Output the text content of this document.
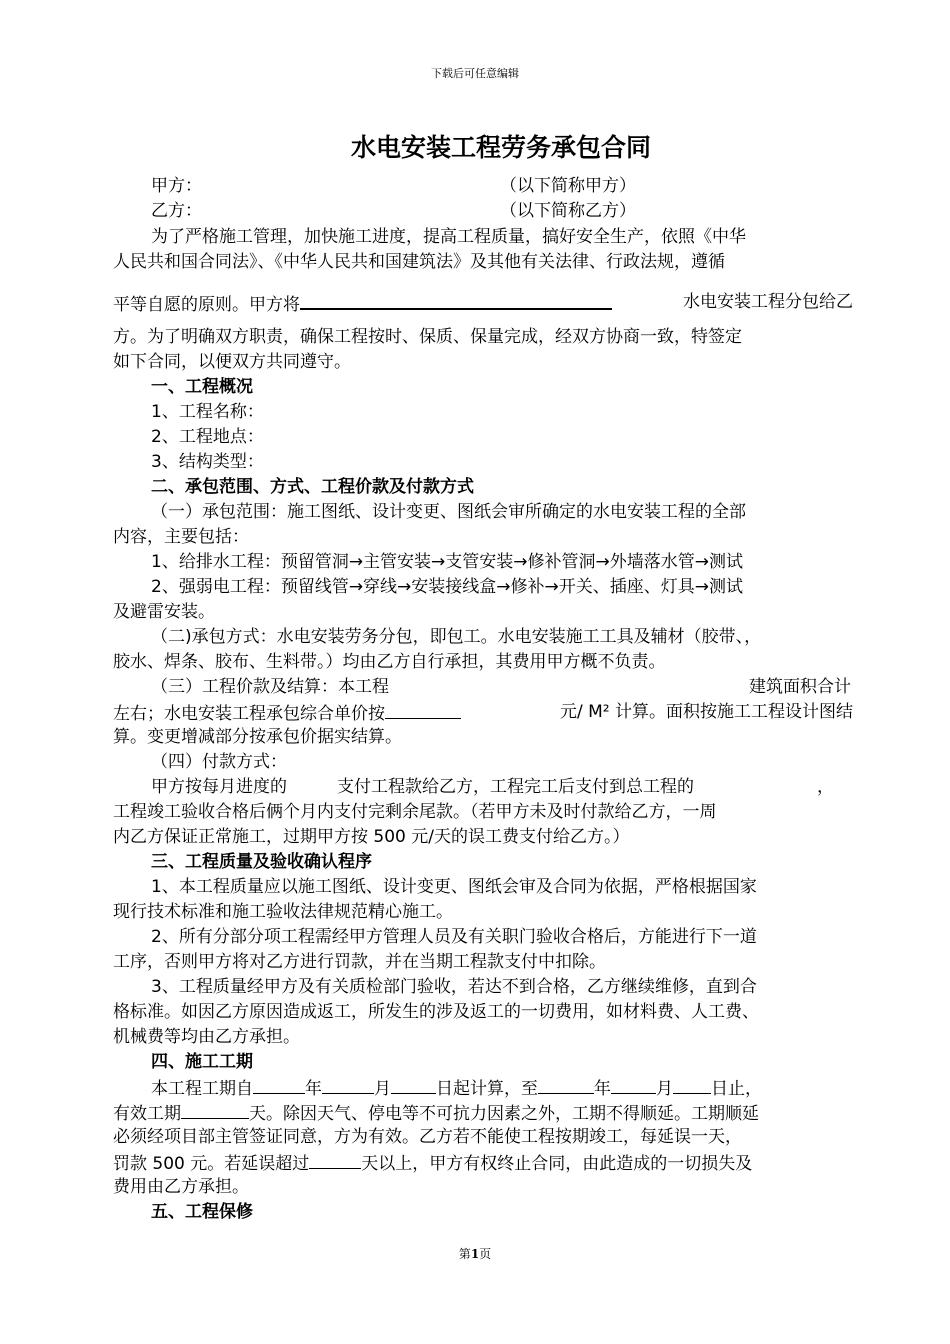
下载后可任意编辑
水电安装工程劳务承包合同
甲方：	（以下简称甲方）
乙方：	（以下简称乙方）
为了严格施工管理，加快施工进度，提高工程质量，搞好安全生产，依照《中华
人民共和国合同法》、《中华人民共和国建筑法》及其他有关法律、行政法规，遵循
平等自愿的原则。甲方将	水电安装工程分包给乙
方。为了明确双方职责，确保工程按时、保质、保量完成，经双方协商一致，特签定
如下合同，以便双方共同遵守。
一、工程概况
1、工程名称：
2、工程地点：
3、结构类型：
二、承包范围、方式、工程价款及付款方式
（一）承包范围：施工图纸、设计变更、图纸会审所确定的水电安装工程的全部
内容，主要包括：
1、给排水工程：预留管洞→主管安装→支管安装→修补管洞→外墙落水管→测试
2、强弱电工程：预留线管→穿线→安装接线盒→修补→开关、插座、灯具→测试
及避雷安装。
（二)承包方式：水电安装劳务分包，即包工。水电安装施工工具及辅材（胶带、，
胶水、焊条、胶布、生料带。）均由乙方自行承担，其费用甲方概不负责。
（三）工程价款及结算：本工程	建筑面积合计
左右；水电安装工程承包综合单价按	元/ M² 计算。面积按施工工程设计图结
算。变更增减部分按承包价据实结算。
（四）付款方式：
甲方按每月进度的	支付工程款给乙方，工程完工后支付到总工程的	，
工程竣工验收合格后俩个月内支付完剩余尾款。（若甲方未及时付款给乙方，一周
内乙方保证正常施工，过期甲方按 500 元/天的误工费支付给乙方。）
三、工程质量及验收确认程序
1、本工程质量应以施工图纸、设计变更、图纸会审及合同为依据，严格根据国家
现行技术标准和施工验收法律规范精心施工。
2、所有分部分项工程需经甲方管理人员及有关职门验收合格后，方能进行下一道
工序，否则甲方将对乙方进行罚款，并在当期工程款支付中扣除。
3、工程质量经甲方及有关质检部门验收，若达不到合格，乙方继续维修，直到合
格标准。如因乙方原因造成返工，所发生的涉及返工的一切费用，如材料费、人工费、
机械费等均由乙方承担。
四、施工工期
本工程工期自	年	月	日起计算，至	年	月 日止，
有效工期	天。除因天气、停电等不可抗力因素之外，工期不得顺延。工期顺延
必须经项目部主管签证同意，方为有效。乙方若不能使工程按期竣工，每延误一天，
罚款 500 元。若延误超过	天以上，甲方有权终止合同，由此造成的一切损失及
费用由乙方承担。
五、工程保修
第1页
